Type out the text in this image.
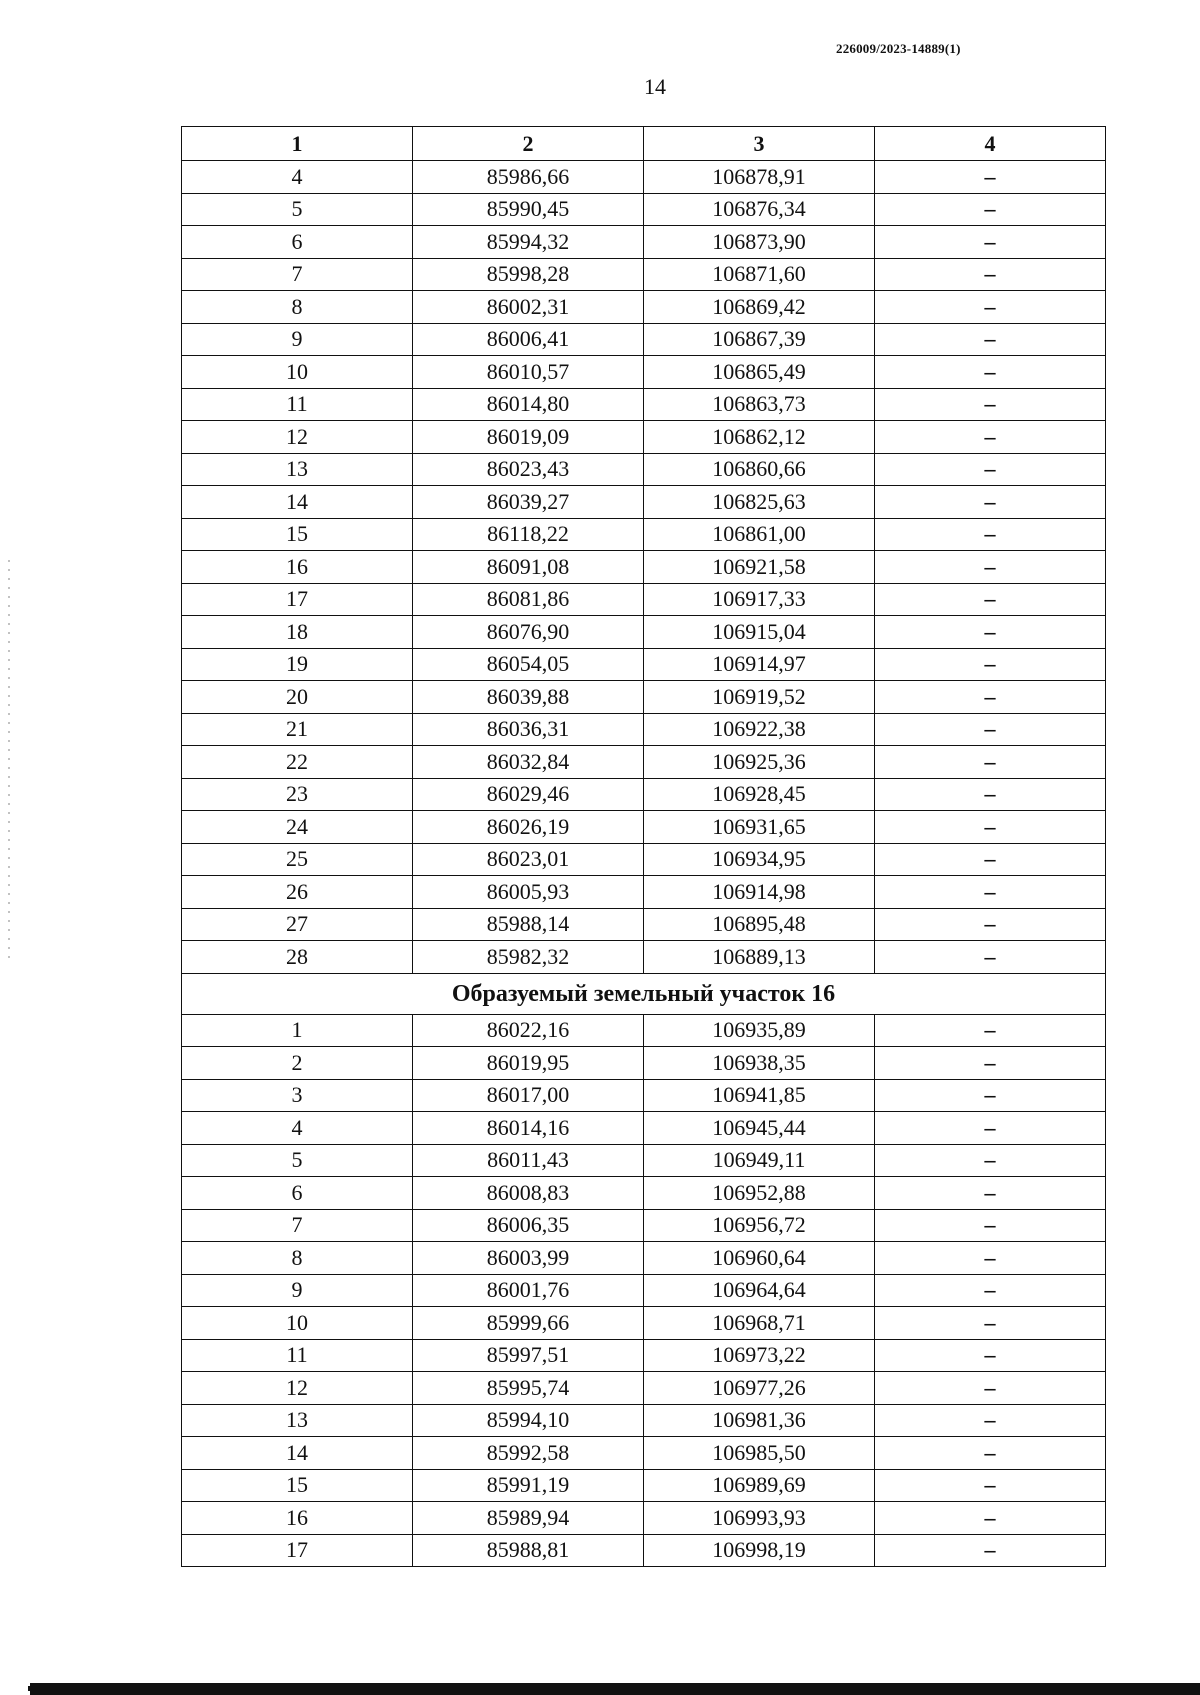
226009/2023-14889(1)
14
1	2	3	4
4	85986,66	106878,91	–
5	85990,45	106876,34	–
6	85994,32	106873,90	–
7	85998,28	106871,60	–
8	86002,31	106869,42	–
9	86006,41	106867,39	–
10	86010,57	106865,49	–
11	86014,80	106863,73	–
12	86019,09	106862,12	–
13	86023,43	106860,66	–
14	86039,27	106825,63	–
15	86118,22	106861,00	–
16	86091,08	106921,58	–
17	86081,86	106917,33	–
18	86076,90	106915,04	–
19	86054,05	106914,97	–
20	86039,88	106919,52	–
21	86036,31	106922,38	–
22	86032,84	106925,36	–
23	86029,46	106928,45	–
24	86026,19	106931,65	–
25	86023,01	106934,95	–
26	86005,93	106914,98	–
27	85988,14	106895,48	–
28	85982,32	106889,13	–
Образуемый земельный участок 16			
1	86022,16	106935,89	–
2	86019,95	106938,35	–
3	86017,00	106941,85	–
4	86014,16	106945,44	–
5	86011,43	106949,11	–
6	86008,83	106952,88	–
7	86006,35	106956,72	–
8	86003,99	106960,64	–
9	86001,76	106964,64	–
10	85999,66	106968,71	–
11	85997,51	106973,22	–
12	85995,74	106977,26	–
13	85994,10	106981,36	–
14	85992,58	106985,50	–
15	85991,19	106989,69	–
16	85989,94	106993,93	–
17	85988,81	106998,19	–
